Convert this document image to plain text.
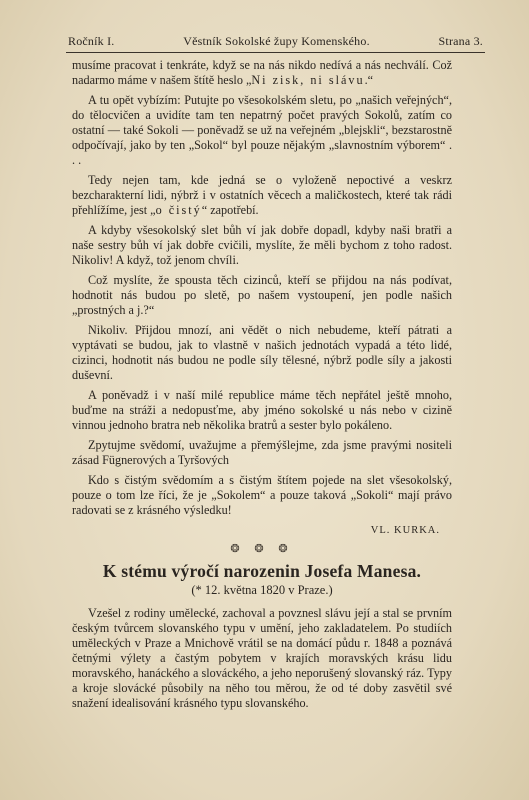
Ročník I.	Věstník Sokolské župy Komenského.	Strana 3.

musíme pracovat i tenkráte, když se na nás nikdo nedívá a nás nechválí. Což nadarmo máme v našem štítě heslo „Ni zisk, ni slávu.“

A tu opět vybízím: Putujte po všesokolském sletu, po „našich veřejných“, do tělocvičen a uvidíte tam ten nepatrný počet pravých Sokolů, zatím co ostatní — také Sokoli — poněvadž se už na veřejném „blejskli“, bezstarostně odpočívají, jako by ten „Sokol“ byl pouze nějakým „slavnostním výborem“ . . .

Tedy nejen tam, kde jedná se o vyloženě nepoctivé a veskrz bezcharakterní lidi, nýbrž i v ostatních věcech a maličkostech, které tak rádi přehlížíme, jest „o čistý“ zapotřebí.

A kdyby všesokolský slet bůh ví jak dobře dopadl, kdyby naši bratři a naše sestry bůh ví jak dobře cvičili, myslíte, že měli bychom z toho radost. Nikoliv! A když, tož jenom chvíli.

Což myslíte, že spousta těch cizinců, kteří se přijdou na nás podívat, hodnotit nás budou po sletě, po našem vystoupení, jen podle našich „prostných a j.?“

Nikoliv. Přijdou mnozí, ani vědět o nich nebudeme, kteří pátrati a vyptávati se budou, jak to vlastně v našich jednotách vypadá a této lidé, cizinci, hodnotit nás budou ne podle síly tělesné, nýbrž podle síly a jakosti duševní.

A poněvadž i v naší milé republice máme těch nepřátel ještě mnoho, buďme na stráži a nedopusťme, aby jméno sokolské u nás nebo v cizině vinnou jednoho bratra neb několika bratrů a sester bylo pokáleno.

Zpytujme svědomí, uvažujme a přemýšlejme, zda jsme pravými nositeli zásad Fügnerových a Tyršových

Kdo s čistým svědomím a s čistým štítem pojede na slet všesokolský, pouze o tom lze říci, že je „Sokolem“ a pouze taková „Sokoli“ mají právo radovati se z krásného výsledku!

VL. KURKA.
❂ ❂ ❂
K stému výročí narozenin Josefa Manesa.
(* 12. května 1820 v Praze.)

Vzešel z rodiny umělecké, zachoval a povznesl slávu její a stal se prvním českým tvůrcem slovanského typu v umění, jeho zakladatelem. Po studiích uměleckých v Praze a Mnichově vrátil se na domácí půdu r. 1848 a poznává četnými výlety a častým pobytem v krajích moravských krásu lidu moravského, hanáckého a slováckého, a jeho neporušený slovanský ráz. Typy a kroje slovácké působily na něho tou měrou, že od té doby zasvětil své snažení idealisování krásného typu slovanského.
